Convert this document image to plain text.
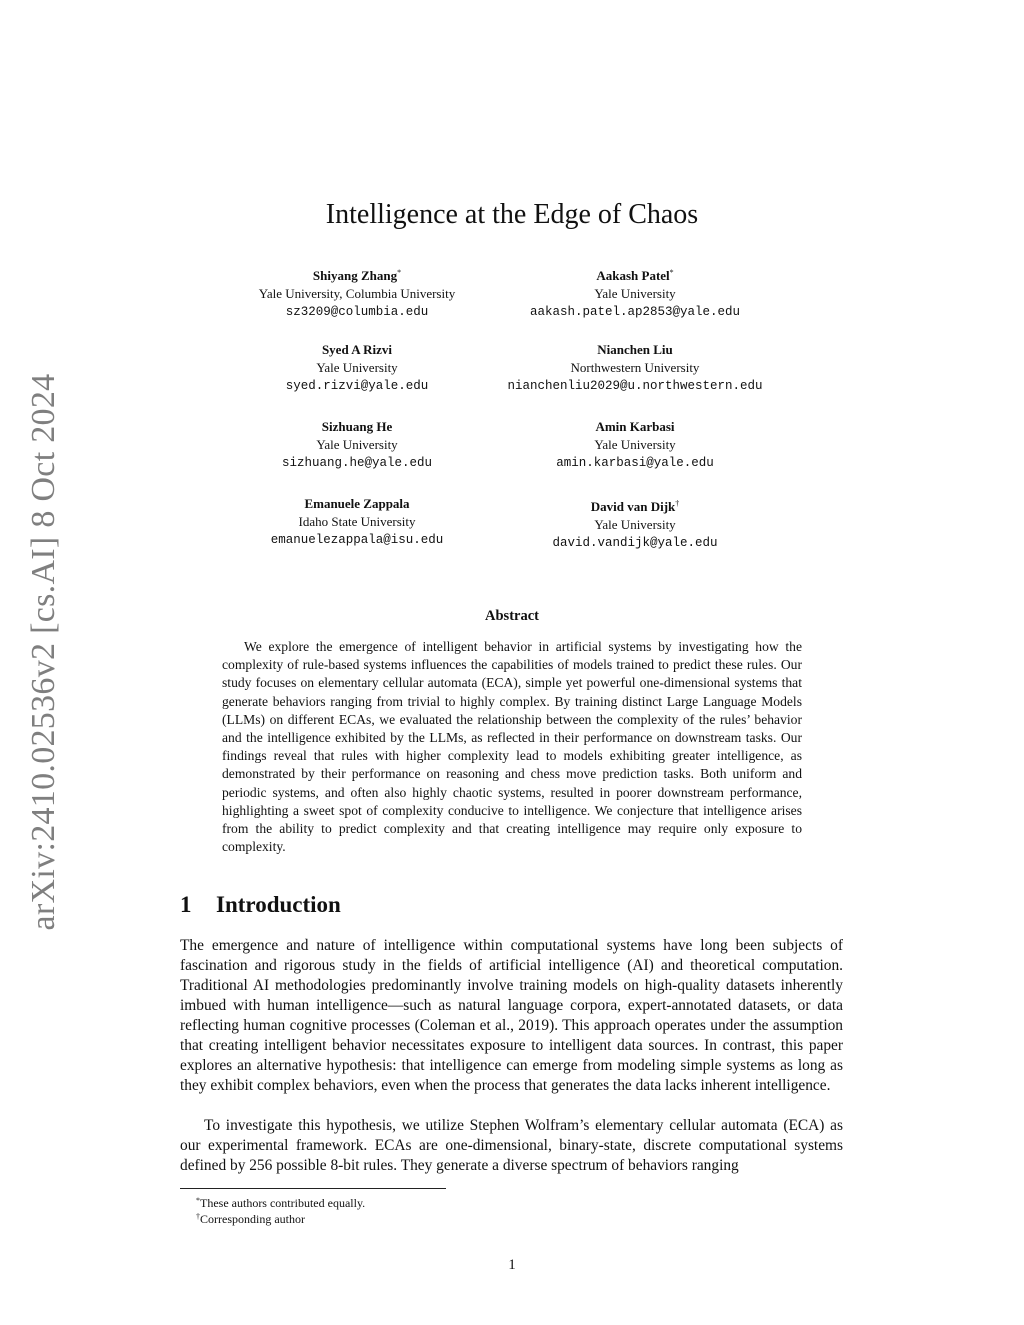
arXiv:2410.02536v2 [cs.AI] 8 Oct 2024
Intelligence at the Edge of Chaos
Shiyang Zhang*
Yale University, Columbia University
sz3209@columbia.edu
Aakash Patel*
Yale University
aakash.patel.ap2853@yale.edu
Syed A Rizvi
Yale University
syed.rizvi@yale.edu
Nianchen Liu
Northwestern University
nianchenliu2029@u.northwestern.edu
Sizhuang He
Yale University
sizhuang.he@yale.edu
Amin Karbasi
Yale University
amin.karbasi@yale.edu
Emanuele Zappala
Idaho State University
emanuelezappala@isu.edu
David van Dijk†
Yale University
david.vandijk@yale.edu
Abstract

We explore the emergence of intelligent behavior in artificial systems by investigating how the complexity of rule-based systems influences the capabilities of models trained to predict these rules. Our study focuses on elementary cellular automata (ECA), simple yet powerful one-dimensional systems that generate behaviors ranging from trivial to highly complex. By training distinct Large Language Models (LLMs) on different ECAs, we evaluated the relationship between the complexity of the rules’ behavior and the intelligence exhibited by the LLMs, as reflected in their performance on downstream tasks. Our findings reveal that rules with higher complexity lead to models exhibiting greater intelligence, as demonstrated by their performance on reasoning and chess move prediction tasks. Both uniform and periodic systems, and often also highly chaotic systems, resulted in poorer downstream performance, highlighting a sweet spot of complexity conducive to intelligence. We conjecture that intelligence arises from the ability to predict complexity and that creating intelligence may require only exposure to complexity.

1 Introduction

The emergence and nature of intelligence within computational systems have long been subjects of fascination and rigorous study in the fields of artificial intelligence (AI) and theoretical computation. Traditional AI methodologies predominantly involve training models on high-quality datasets inherently imbued with human intelligence—such as natural language corpora, expert-annotated datasets, or data reflecting human cognitive processes (Coleman et al., 2019). This approach operates under the assumption that creating intelligent behavior necessitates exposure to intelligent data sources. In contrast, this paper explores an alternative hypothesis: that intelligence can emerge from modeling simple systems as long as they exhibit complex behaviors, even when the process that generates the data lacks inherent intelligence.

To investigate this hypothesis, we utilize Stephen Wolfram’s elementary cellular automata (ECA) as our experimental framework. ECAs are one-dimensional, binary-state, discrete computational systems defined by 256 possible 8-bit rules. They generate a diverse spectrum of behaviors ranging

*These authors contributed equally.
†Corresponding author
1
